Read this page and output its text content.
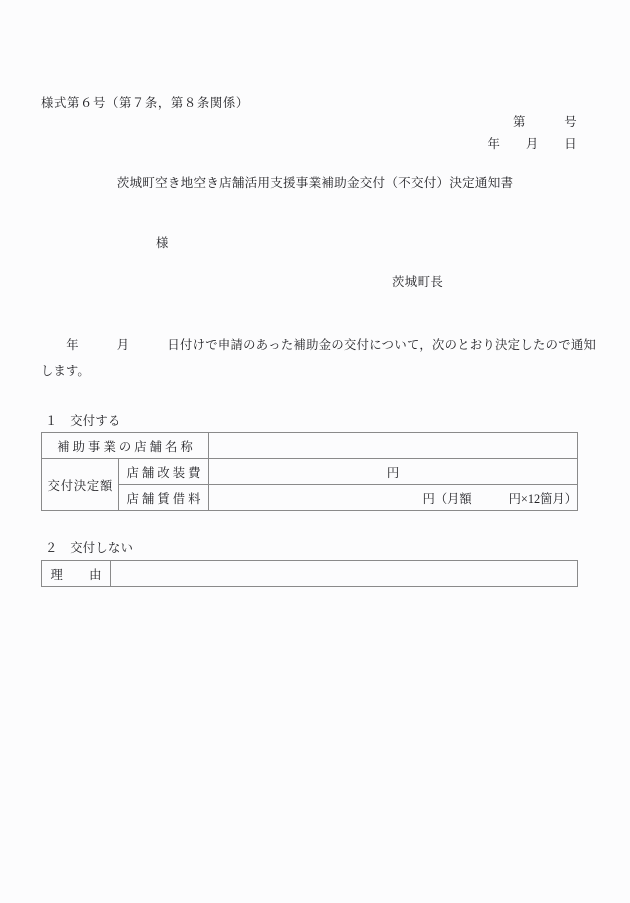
様式第６号（第７条，第８条関係）
第　　　号
年　　月　　日
茨城町空き地空き店舗活用支援事業補助金交付（不交付）決定通知書
様
茨城町長
　　年　　　月　　　日付けで申請のあった補助金の交付について，次のとおり決定したので通知します。
１　交付する
補助事業の店舗名称		
交付決定額	店舗改装費	円
	店舗賃借料	円（月額　　　円×12箇月）
２　交付しない
理　由	
